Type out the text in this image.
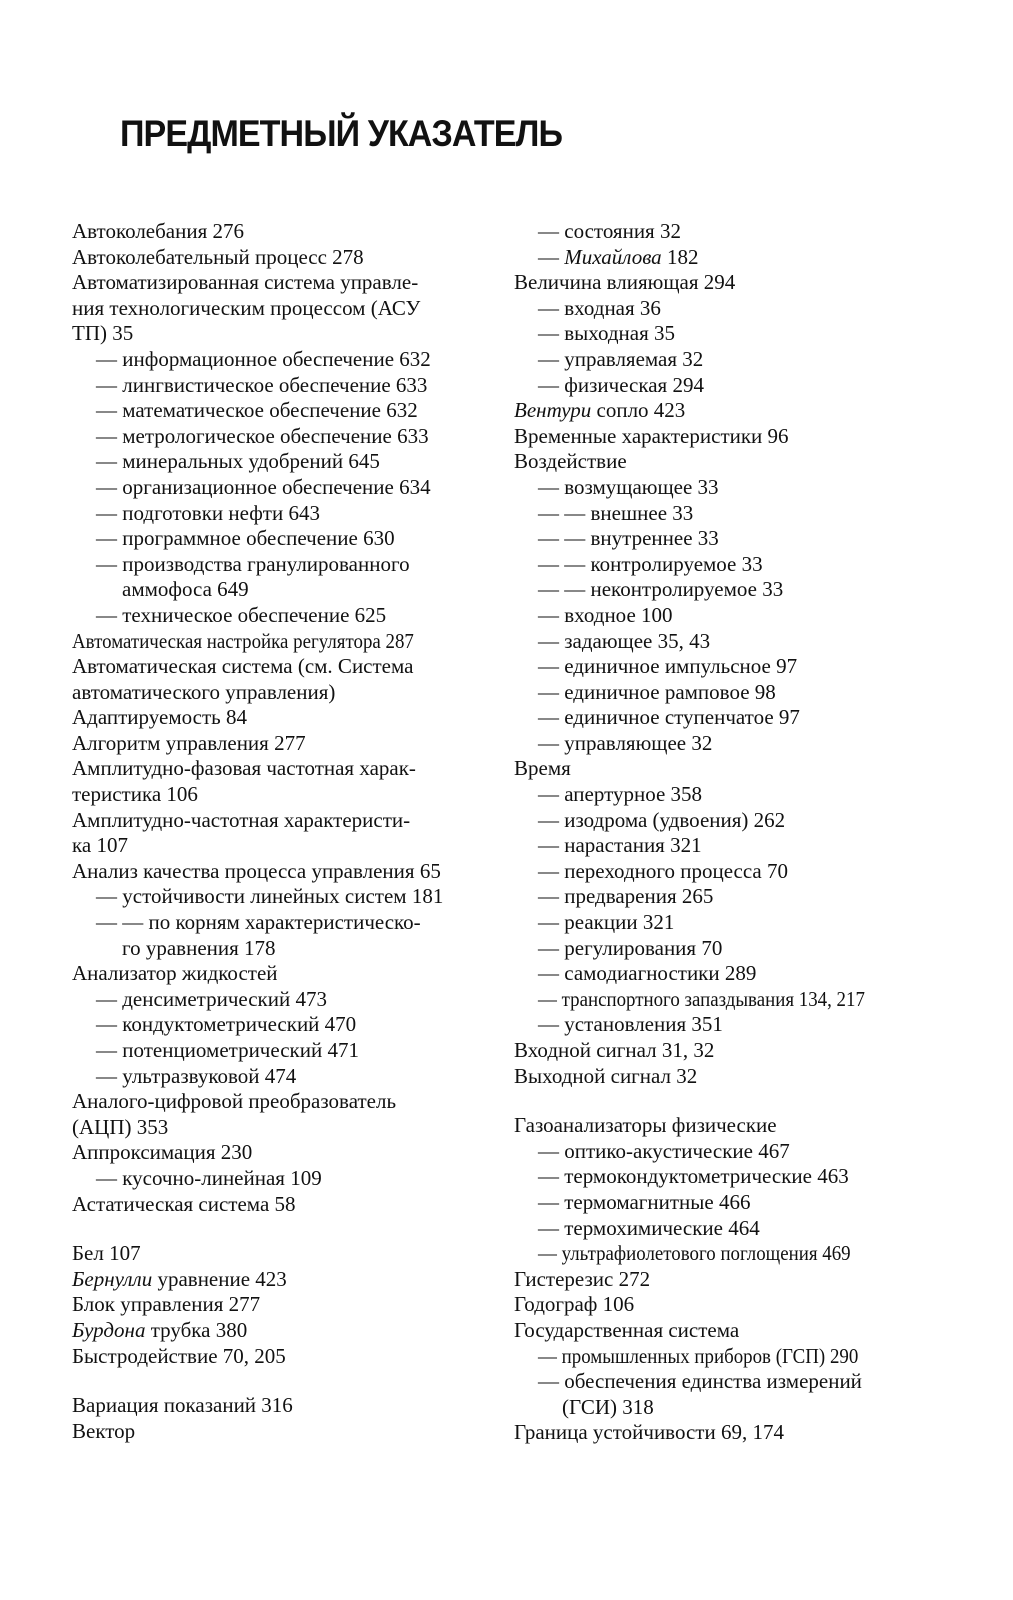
ПРЕДМЕТНЫЙ УКАЗАТЕЛЬ
Автоколебания 276
Автоколебательный процесс 278
Автоматизированная система управле-
ния технологическим процессом (АСУ
ТП) 35
— информационное обеспечение 632
— лингвистическое обеспечение 633
— математическое обеспечение 632
— метрологическое обеспечение 633
— минеральных удобрений 645
— организационное обеспечение 634
— подготовки нефти 643
— программное обеспечение 630
— производства гранулированного
аммофоса 649
— техническое обеспечение 625
Автоматическая настройка регулятора 287
Автоматическая система (см. Система
автоматического управления)
Адаптируемость 84
Алгоритм управления 277
Амплитудно-фазовая частотная харак-
теристика 106
Амплитудно-частотная характеристи-
ка 107
Анализ качества процесса управления 65
— устойчивости линейных систем 181
— — по корням характеристическо-
го уравнения 178
Анализатор жидкостей
— денсиметрический 473
— кондуктометрический 470
— потенциометрический 471
— ультразвуковой 474
Аналого-цифровой преобразователь
(АЦП) 353
Аппроксимация 230
— кусочно-линейная 109
Астатическая система 58
Бел 107
Бернулли уравнение 423
Блок управления 277
Бурдона трубка 380
Быстродействие 70, 205
Вариация показаний 316
Вектор
— состояния 32
— Михайлова 182
Величина влияющая 294
— входная 36
— выходная 35
— управляемая 32
— физическая 294
Вентури сопло 423
Временные характеристики 96
Воздействие
— возмущающее 33
— — внешнее 33
— — внутреннее 33
— — контролируемое 33
— — неконтролируемое 33
— входное 100
— задающее 35, 43
— единичное импульсное 97
— единичное рамповое 98
— единичное ступенчатое 97
— управляющее 32
Время
— апертурное 358
— изодрома (удвоения) 262
— нарастания 321
— переходного процесса 70
— предварения 265
— реакции 321
— регулирования 70
— самодиагностики 289
— транспортного запаздывания 134, 217
— установления 351
Входной сигнал 31, 32
Выходной сигнал 32
Газоанализаторы физические
— оптико-акустические 467
— термокондуктометрические 463
— термомагнитные 466
— термохимические 464
— ультрафиолетового поглощения 469
Гистерезис 272
Годограф 106
Государственная система
— промышленных приборов (ГСП) 290
— обеспечения единства измерений
(ГСИ) 318
Граница устойчивости 69, 174
